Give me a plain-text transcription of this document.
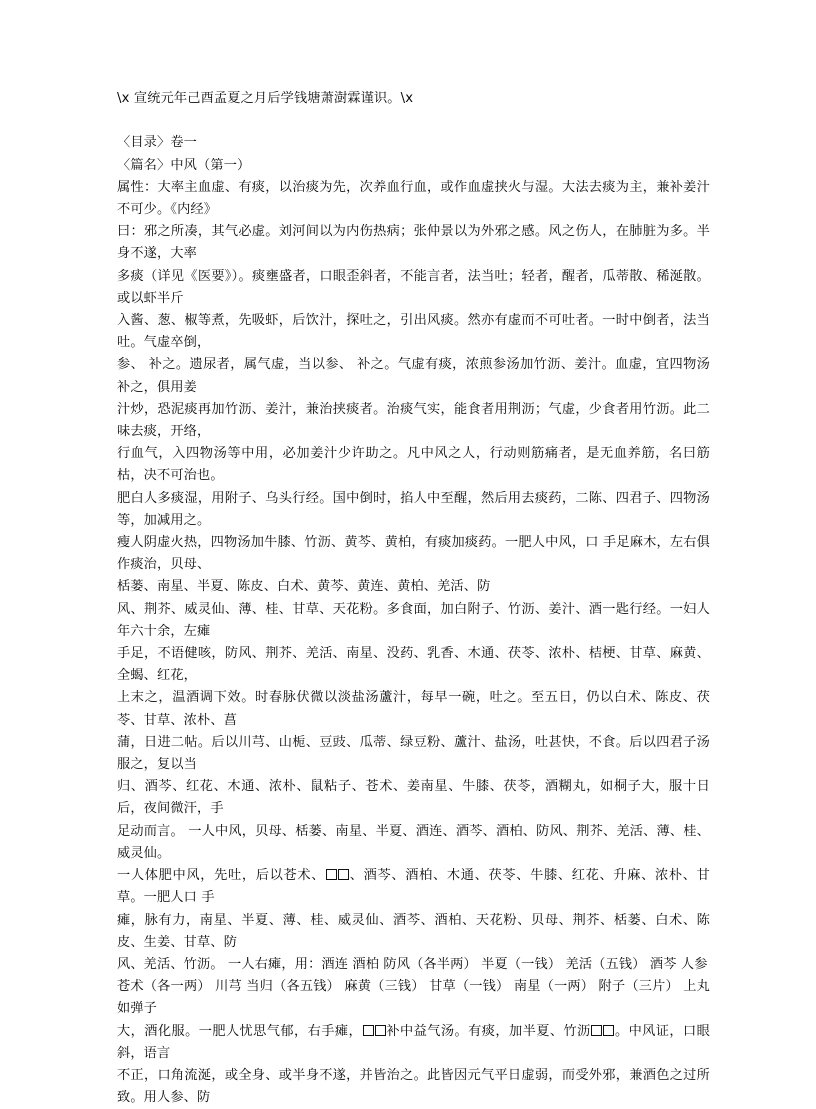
\x 宣统元年己酉孟夏之月后学钱塘萧澍霖谨识。\x

〈目录〉卷一

〈篇名〉中风（第一）

属性：大率主血虚、有痰，以治痰为先，次养血行血，或作血虚挟火与湿。大法去痰为主，兼补姜汁不可少。《内经》

曰：邪之所凑，其气必虚。刘河间以为内伤热病；张仲景以为外邪之感。风之伤人，在肺脏为多。半身不遂，大率

多痰（详见《医要》）。痰壅盛者，口眼歪斜者，不能言者，法当吐；轻者，醒者，瓜蒂散、稀涎散。或以虾半斤

入酱、葱、椒等煮，先吸虾，后饮汁，探吐之，引出风痰。然亦有虚而不可吐者。一时中倒者，法当吐。气虚卒倒，

参、 补之。遗尿者，属气虚，当以参、 补之。气虚有痰，浓煎参汤加竹沥、姜汁。血虚，宜四物汤补之，俱用姜

汁炒，恐泥痰再加竹沥、姜汁，兼治挟痰者。治痰气实，能食者用荆沥；气虚，少食者用竹沥。此二味去痰，开络，

行血气，入四物汤等中用，必加姜汁少许助之。凡中风之人，行动则筋痛者，是无血养筋，名曰筋枯，决不可治也。

肥白人多痰湿，用附子、乌头行经。国中倒时，掐人中至醒，然后用去痰药，二陈、四君子、四物汤等，加减用之。

瘦人阴虚火热，四物汤加牛膝、竹沥、黄芩、黄柏，有痰加痰药。一肥人中风，口 手足麻木，左右俱作痰治，贝母、

栝蒌、南星、半夏、陈皮、白术、黄芩、黄连、黄柏、羌活、防

风、荆芥、威灵仙、薄、桂、甘草、天花粉。多食面，加白附子、竹沥、姜汁、酒一匙行经。一妇人年六十余，左瘫

手足，不语健咳，防风、荆芥、羌活、南星、没药、乳香、木通、茯苓、浓朴、桔梗、甘草、麻黄、全蝎、红花，

上末之，温酒调下效。时春脉伏微以淡盐汤蘆汁，每早一碗，吐之。至五日，仍以白术、陈皮、茯苓、甘草、浓朴、菖

蒲，日进二帖。后以川芎、山栀、豆豉、瓜蒂、绿豆粉、蘆汁、盐汤，吐甚快，不食。后以四君子汤服之，复以当

归、酒芩、红花、木通、浓朴、鼠粘子、苍术、姜南星、牛膝、茯苓，酒糊丸，如桐子大，服十日后，夜间微汗，手

足动而言。 一人中风，贝母、栝蒌、南星、半夏、酒连、酒芩、酒柏、防风、荆芥、羌活、薄、桂、威灵仙。

一人体肥中风，先吐，后以苍术、 、酒芩、酒柏、木通、茯苓、牛膝、红花、升麻、浓朴、甘草。一肥人口 手

瘫，脉有力，南星、半夏、薄、桂、威灵仙、酒芩、酒柏、天花粉、贝母、荆芥、栝蒌、白术、陈皮、生姜、甘草、防

风、羌活、竹沥。 一人右瘫，用：酒连 酒柏 防风（各半两） 半夏（一钱） 羌活（五钱） 酒芩 人参

苍术（各一两） 川芎 当归（各五钱） 麻黄（三钱） 甘草（一钱） 南星（一两） 附子（三片） 上丸如弹子

大，酒化服。一肥人忧思气郁，右手瘫， 补中益气汤。有痰，加半夏、竹沥 。中风证，口眼 斜，语言

不正，口角流涎，或全身、或半身不遂，并皆治之。此皆因元气平日虚弱，而受外邪，兼酒色之过所致。用人参、防
